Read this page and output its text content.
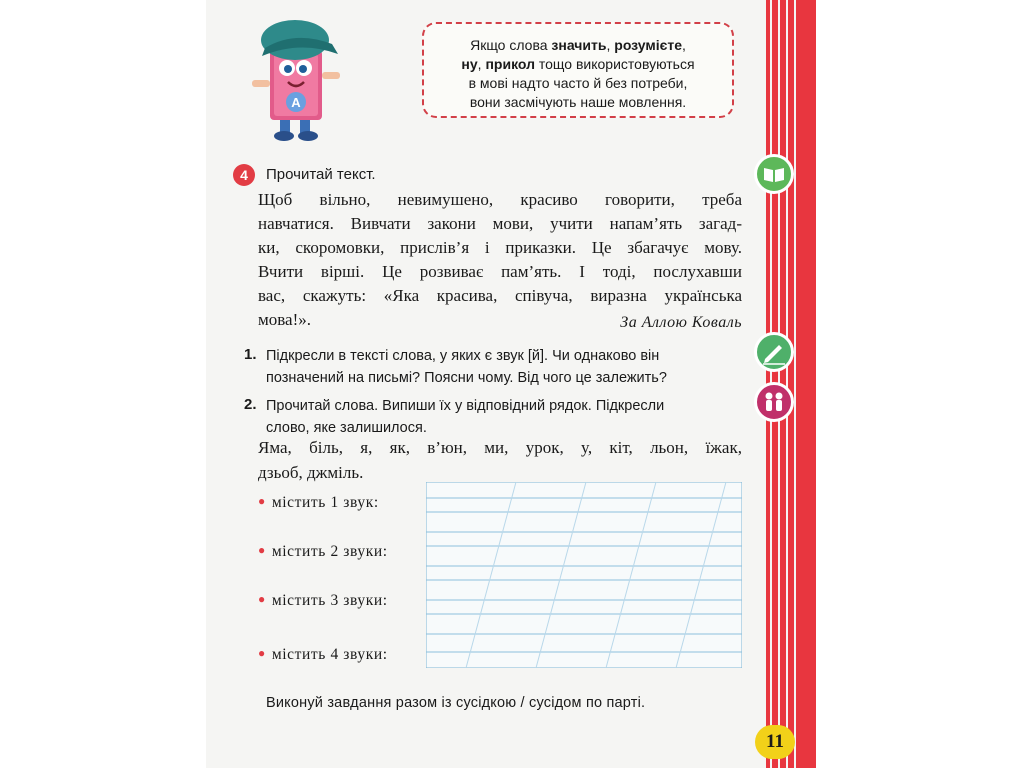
А
Якщо слова значить, розумієте,
ну, прикол тощо використовуються
в мові надто часто й без потреби,
вони засмічують наше мовлення.
4	Прочитай текст.
Щоб вільно, невимушено, красиво говорити, треба
навчатися. Вивчати закони мови, учити напам’ять загад-
ки, скоромовки, прислів’я і приказки. Це збагачує мову.
Вчити вірші. Це розвиває пам’ять. І тоді, послухавши
вас, скажуть: «Яка красива, співуча, виразна українська
мова!».	За Аллою Коваль
1. Підкресли в тексті слова, у яких є звук [й]. Чи однаково він
позначений на письмі? Поясни чому. Від чого це залежить?
2. Прочитай слова. Випиши їх у відповідний рядок. Підкресли
слово, яке залишилося.
Яма, біль, я, як, в’юн, ми, урок, у, кіт, льон, їжак,
дзьоб, джміль.
● містить 1 звук:
● містить 2 звуки:
● містить 3 звуки:
● містить 4 звуки:
Виконуй завдання разом із сусідкою / сусідом по парті.
11
